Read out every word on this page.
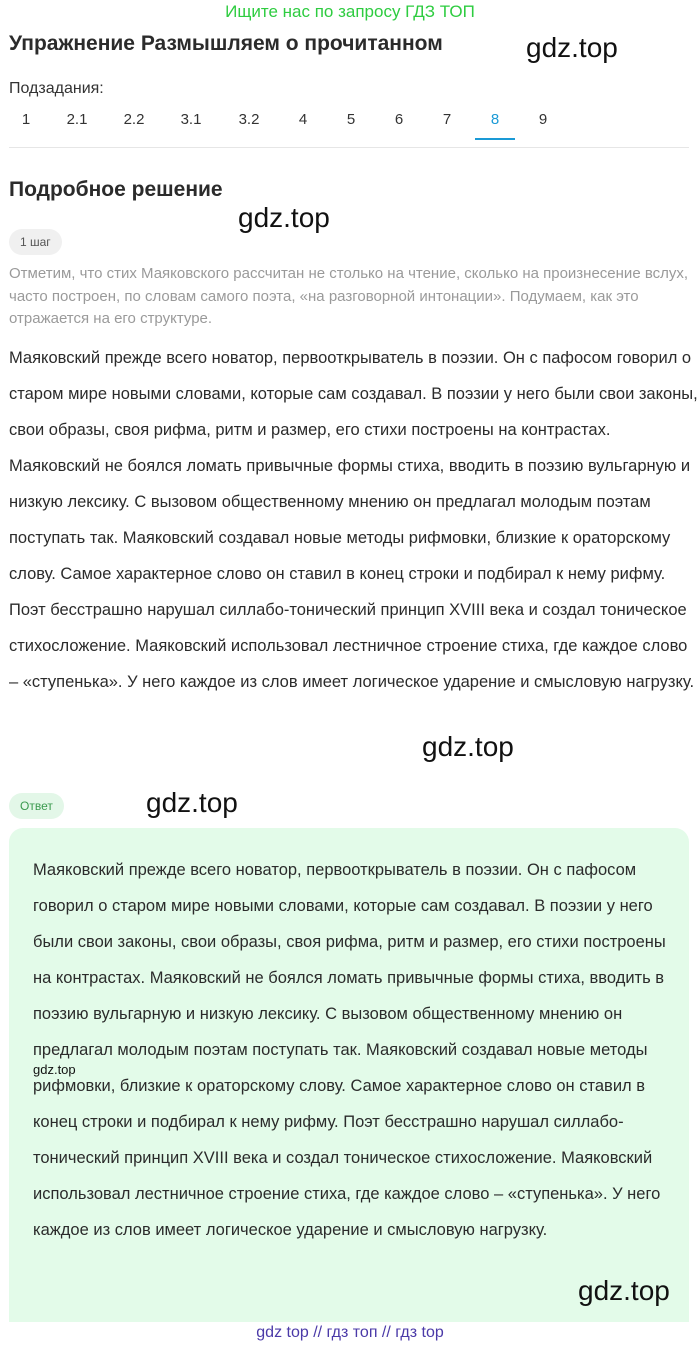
Ищите нас по запросу ГДЗ ТОП
Упражнение Размышляем о прочитанном	gdz.top
Подзадания:
1	2.1	2.2	3.1	3.2	4	5	6	7	8	9
Подробное решение
gdz.top
1 шаг

Отметим, что стих Маяковского рассчитан не столько на чтение, сколько на произнесение вслух, часто построен, по словам самого поэта, «на разговорной интонации». Подумаем, как это отражается на его структуре.

Маяковский прежде всего новатор, первооткрыватель в поэзии. Он с пафосом говорил о старом мире новыми словами, которые сам создавал. В поэзии у него были свои законы, свои образы, своя рифма, ритм и размер, его стихи построены на контрастах. Маяковский не боялся ломать привычные формы стиха, вводить в поэзию вульгарную и низкую лексику. С вызовом общественному мнению он предлагал молодым поэтам поступать так. Маяковский создавал новые методы рифмовки, близкие к ораторскому слову. Самое характерное слово он ставил в конец строки и подбирал к нему рифму. Поэт бесстрашно нарушал силлабо-тонический принцип XVIII века и создал тоническое стихосложение. Маяковский использовал лестничное строение стиха, где каждое слово – «ступенька». У него каждое из слов имеет логическое ударение и смысловую нагрузку.

gdz.top
Ответ	gdz.top

Маяковский прежде всего новатор, первооткрыватель в поэзии. Он с пафосом говорил о старом мире новыми словами, которые сам создавал. В поэзии у него были свои законы, свои образы, своя рифма, ритм и размер, его стихи построены на контрастах. Маяковский не боялся ломать привычные формы стиха, вводить в поэзию вульгарную и низкую лексику. С вызовом общественному мнению он предлагал молодым поэтам поступать так. Маяковский создавал новые методы рифмовки, близкие к ораторскому слову. Самое характерное слово он ставил в конец строки и подбирал к нему рифму. Поэт бесстрашно нарушал силлабо-тонический принцип XVIII века и создал тоническое стихосложение. Маяковский использовал лестничное строение стиха, где каждое слово – «ступенька». У него каждое из слов имеет логическое ударение и смысловую нагрузку.

gdz.top
gdz.top
gdz top // гдз топ // гдз top
